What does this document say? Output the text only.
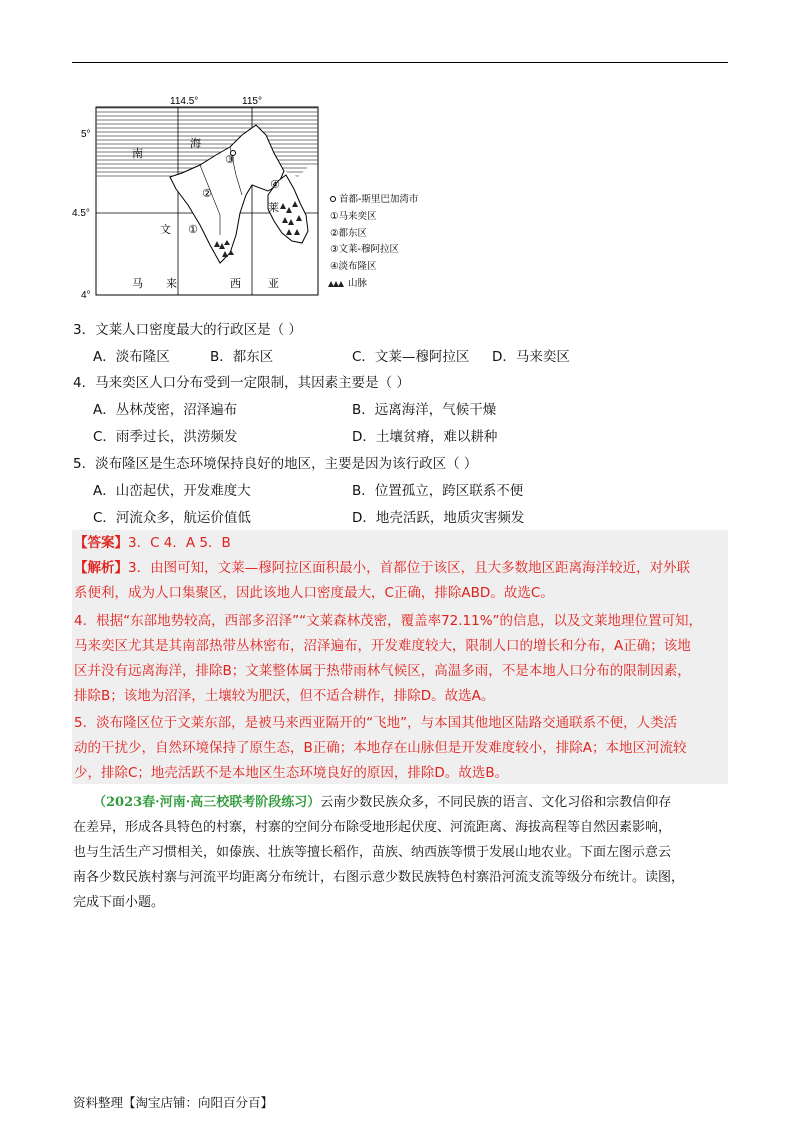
114.5°	115°
5°
4.5°
4°
南
海
文
莱
马 来	西 亚
①
②
③
④
首都-斯里巴加湾市
①马来奕区
②都东区
③文莱-穆阿拉区
④淡布隆区
山脉
3．文莱人口密度最大的行政区是（ ）
A．淡布隆区	B．都东区	C．文莱—穆阿拉区 D．马来奕区
4．马来奕区人口分布受到一定限制，其因素主要是（ ）
A．丛林茂密，沼泽遍布	B．远离海洋，气候干燥
C．雨季过长，洪涝频发	D．土壤贫瘠，难以耕种
5．淡布隆区是生态环境保持良好的地区，主要是因为该行政区（ ）
A．山峦起伏，开发难度大	B．位置孤立，跨区联系不便
C．河流众多，航运价值低	D．地壳活跃，地质灾害频发
【答案】3．C 4．A 5．B
【解析】3．由图可知，文莱—穆阿拉区面积最小，首都位于该区，且大多数地区距离海洋较近，对外联
系便利，成为人口集聚区，因此该地人口密度最大，C正确，排除ABD。故选C。
4．根据“东部地势较高，西部多沼泽”“文莱森林茂密，覆盖率72.11%”的信息，以及文莱地理位置可知，
马来奕区尤其是其南部热带丛林密布，沼泽遍布，开发难度较大，限制人口的增长和分布，A正确；该地
区并没有远离海洋，排除B；文莱整体属于热带雨林气候区，高温多雨，不是本地人口分布的限制因素，
排除B；该地为沼泽，土壤较为肥沃，但不适合耕作，排除D。故选A。
5．淡布隆区位于文莱东部，是被马来西亚隔开的“飞地”，与本国其他地区陆路交通联系不便，人类活
动的干扰少，自然环境保持了原生态，B正确；本地存在山脉但是开发难度较小，排除A；本地区河流较
少，排除C；地壳活跃不是本地区生态环境良好的原因，排除D。故选B。
（2023春·河南·高三校联考阶段练习）云南少数民族众多，不同民族的语言、文化习俗和宗教信仰存
在差异，形成各具特色的村寨，村寨的空间分布除受地形起伏度、河流距离、海拔高程等自然因素影响，
也与生活生产习惯相关，如傣族、壮族等擅长稻作，苗族、纳西族等惯于发展山地农业。下面左图示意云
南各少数民族村寨与河流平均距离分布统计，右图示意少数民族特色村寨沿河流支流等级分布统计。读图，
完成下面小题。
资料整理【淘宝店铺：向阳百分百】
